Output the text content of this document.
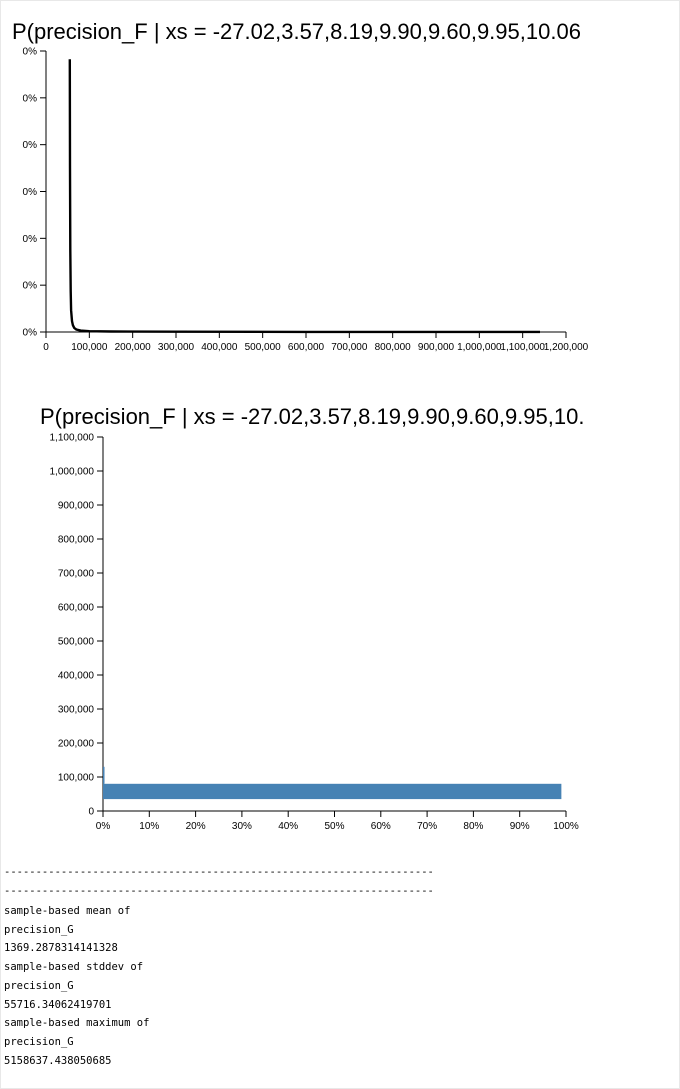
P(precision_F | xs = -27.02,3.57,8.19,9.90,9.60,9.95,10.06
0%
0%
0%
0%
0%
0%
0%
0 100,000 200,000 300,000 400,000 500,000 600,000 700,000 800,000 900,000 1,000,000
1,100,000
1,200,000
P(precision_F | xs = -27.02,3.57,8.19,9.90,9.60,9.95,10.
0
100,000
200,000
300,000
400,000
500,000
600,000
700,000
800,000
900,000
1,000,000
1,100,000
0%	10%	20%	30%	40%	50%	60%	70%	80%	90% 100%
--------------------------------------------------------------------
--------------------------------------------------------------------
sample-based mean of
precision_G
1369.2878314141328
sample-based stddev of
precision_G
55716.34062419701
sample-based maximum of
precision_G
5158637.438050685
